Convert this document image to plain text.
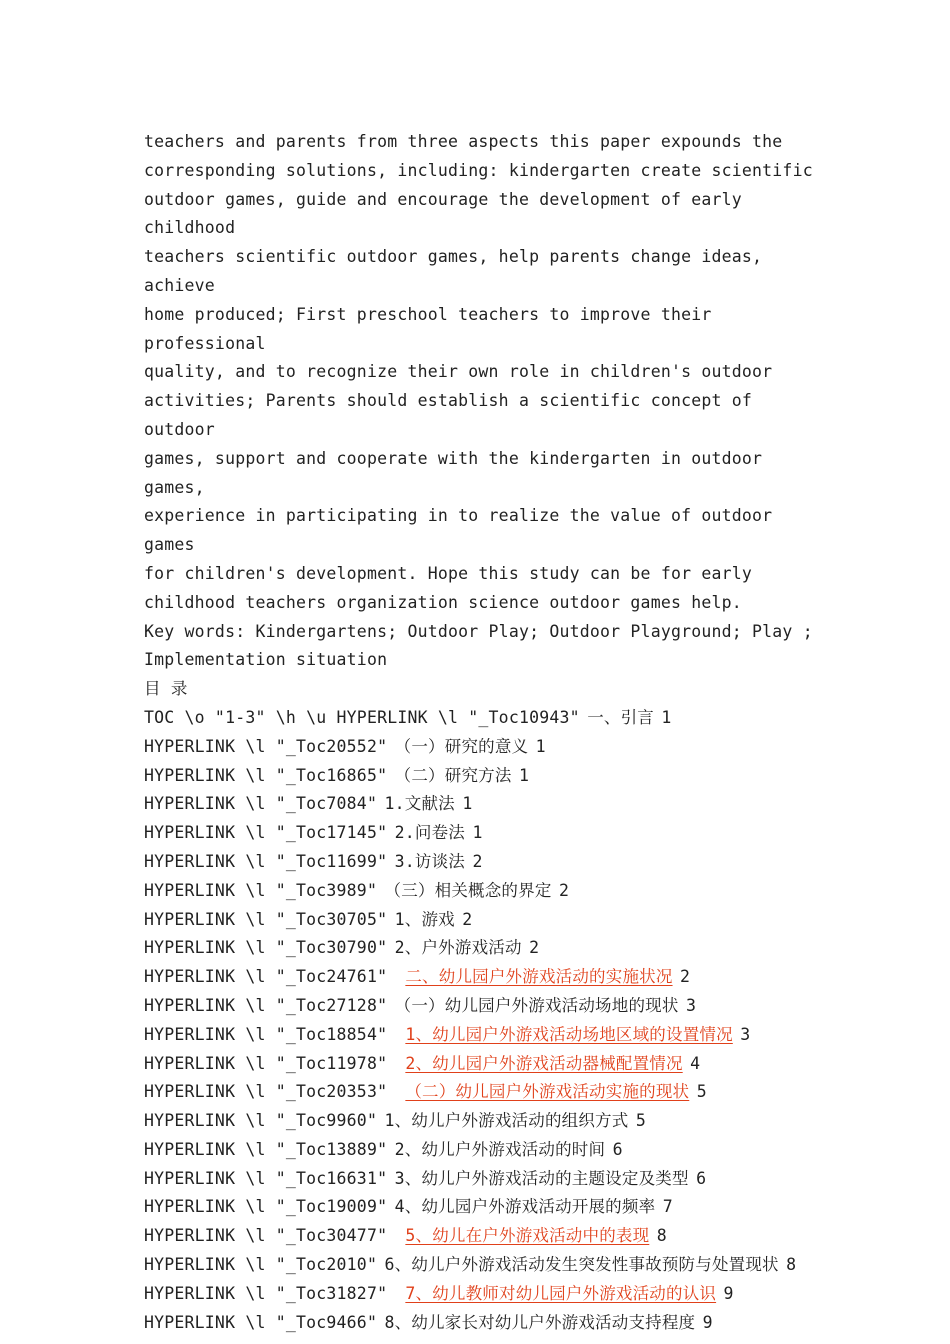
teachers and parents from three aspects this paper expounds the

corresponding solutions, including: kindergarten create scientific

outdoor games, guide and encourage the development of early childhood

teachers scientific outdoor games, help parents change ideas, achieve

home produced; First preschool teachers to improve their professional

quality, and to recognize their own role in children's outdoor

activities; Parents should establish a scientific concept of outdoor

games, support and cooperate with the kindergarten in outdoor games,

experience in participating in to realize the value of outdoor games

for children's development. Hope this study can be for early

childhood teachers organization science outdoor games help.

Key words: Kindergartens; Outdoor Play; Outdoor Playground; Play ;

Implementation situation

目 录

TOC \o "1-3" \h \u HYPERLINK \l "_Toc10943" 一、引言 1

HYPERLINK \l "_Toc20552" （一）研究的意义 1

HYPERLINK \l "_Toc16865" （二）研究方法 1

HYPERLINK \l "_Toc7084" 1.文献法 1

HYPERLINK \l "_Toc17145" 2.问卷法 1

HYPERLINK \l "_Toc11699" 3.访谈法 2

HYPERLINK \l "_Toc3989" （三）相关概念的界定 2

HYPERLINK \l "_Toc30705" 1、游戏 2

HYPERLINK \l "_Toc30790" 2、户外游戏活动 2

HYPERLINK \l "_Toc24761" 二、幼儿园户外游戏活动的实施状况 2

HYPERLINK \l "_Toc27128" （一）幼儿园户外游戏活动场地的现状 3

HYPERLINK \l "_Toc18854" 1、幼儿园户外游戏活动场地区域的设置情况 3

HYPERLINK \l "_Toc11978" 2、幼儿园户外游戏活动器械配置情况 4

HYPERLINK \l "_Toc20353" （二）幼儿园户外游戏活动实施的现状 5

HYPERLINK \l "_Toc9960" 1、幼儿户外游戏活动的组织方式 5

HYPERLINK \l "_Toc13889" 2、幼儿户外游戏活动的时间 6

HYPERLINK \l "_Toc16631" 3、幼儿户外游戏活动的主题设定及类型 6

HYPERLINK \l "_Toc19009" 4、幼儿园户外游戏活动开展的频率 7

HYPERLINK \l "_Toc30477" 5、幼儿在户外游戏活动中的表现 8

HYPERLINK \l "_Toc2010" 6、幼儿户外游戏活动发生突发性事故预防与处置现状 8

HYPERLINK \l "_Toc31827" 7、幼儿教师对幼儿园户外游戏活动的认识 9

HYPERLINK \l "_Toc9466" 8、幼儿家长对幼儿户外游戏活动支持程度 9
